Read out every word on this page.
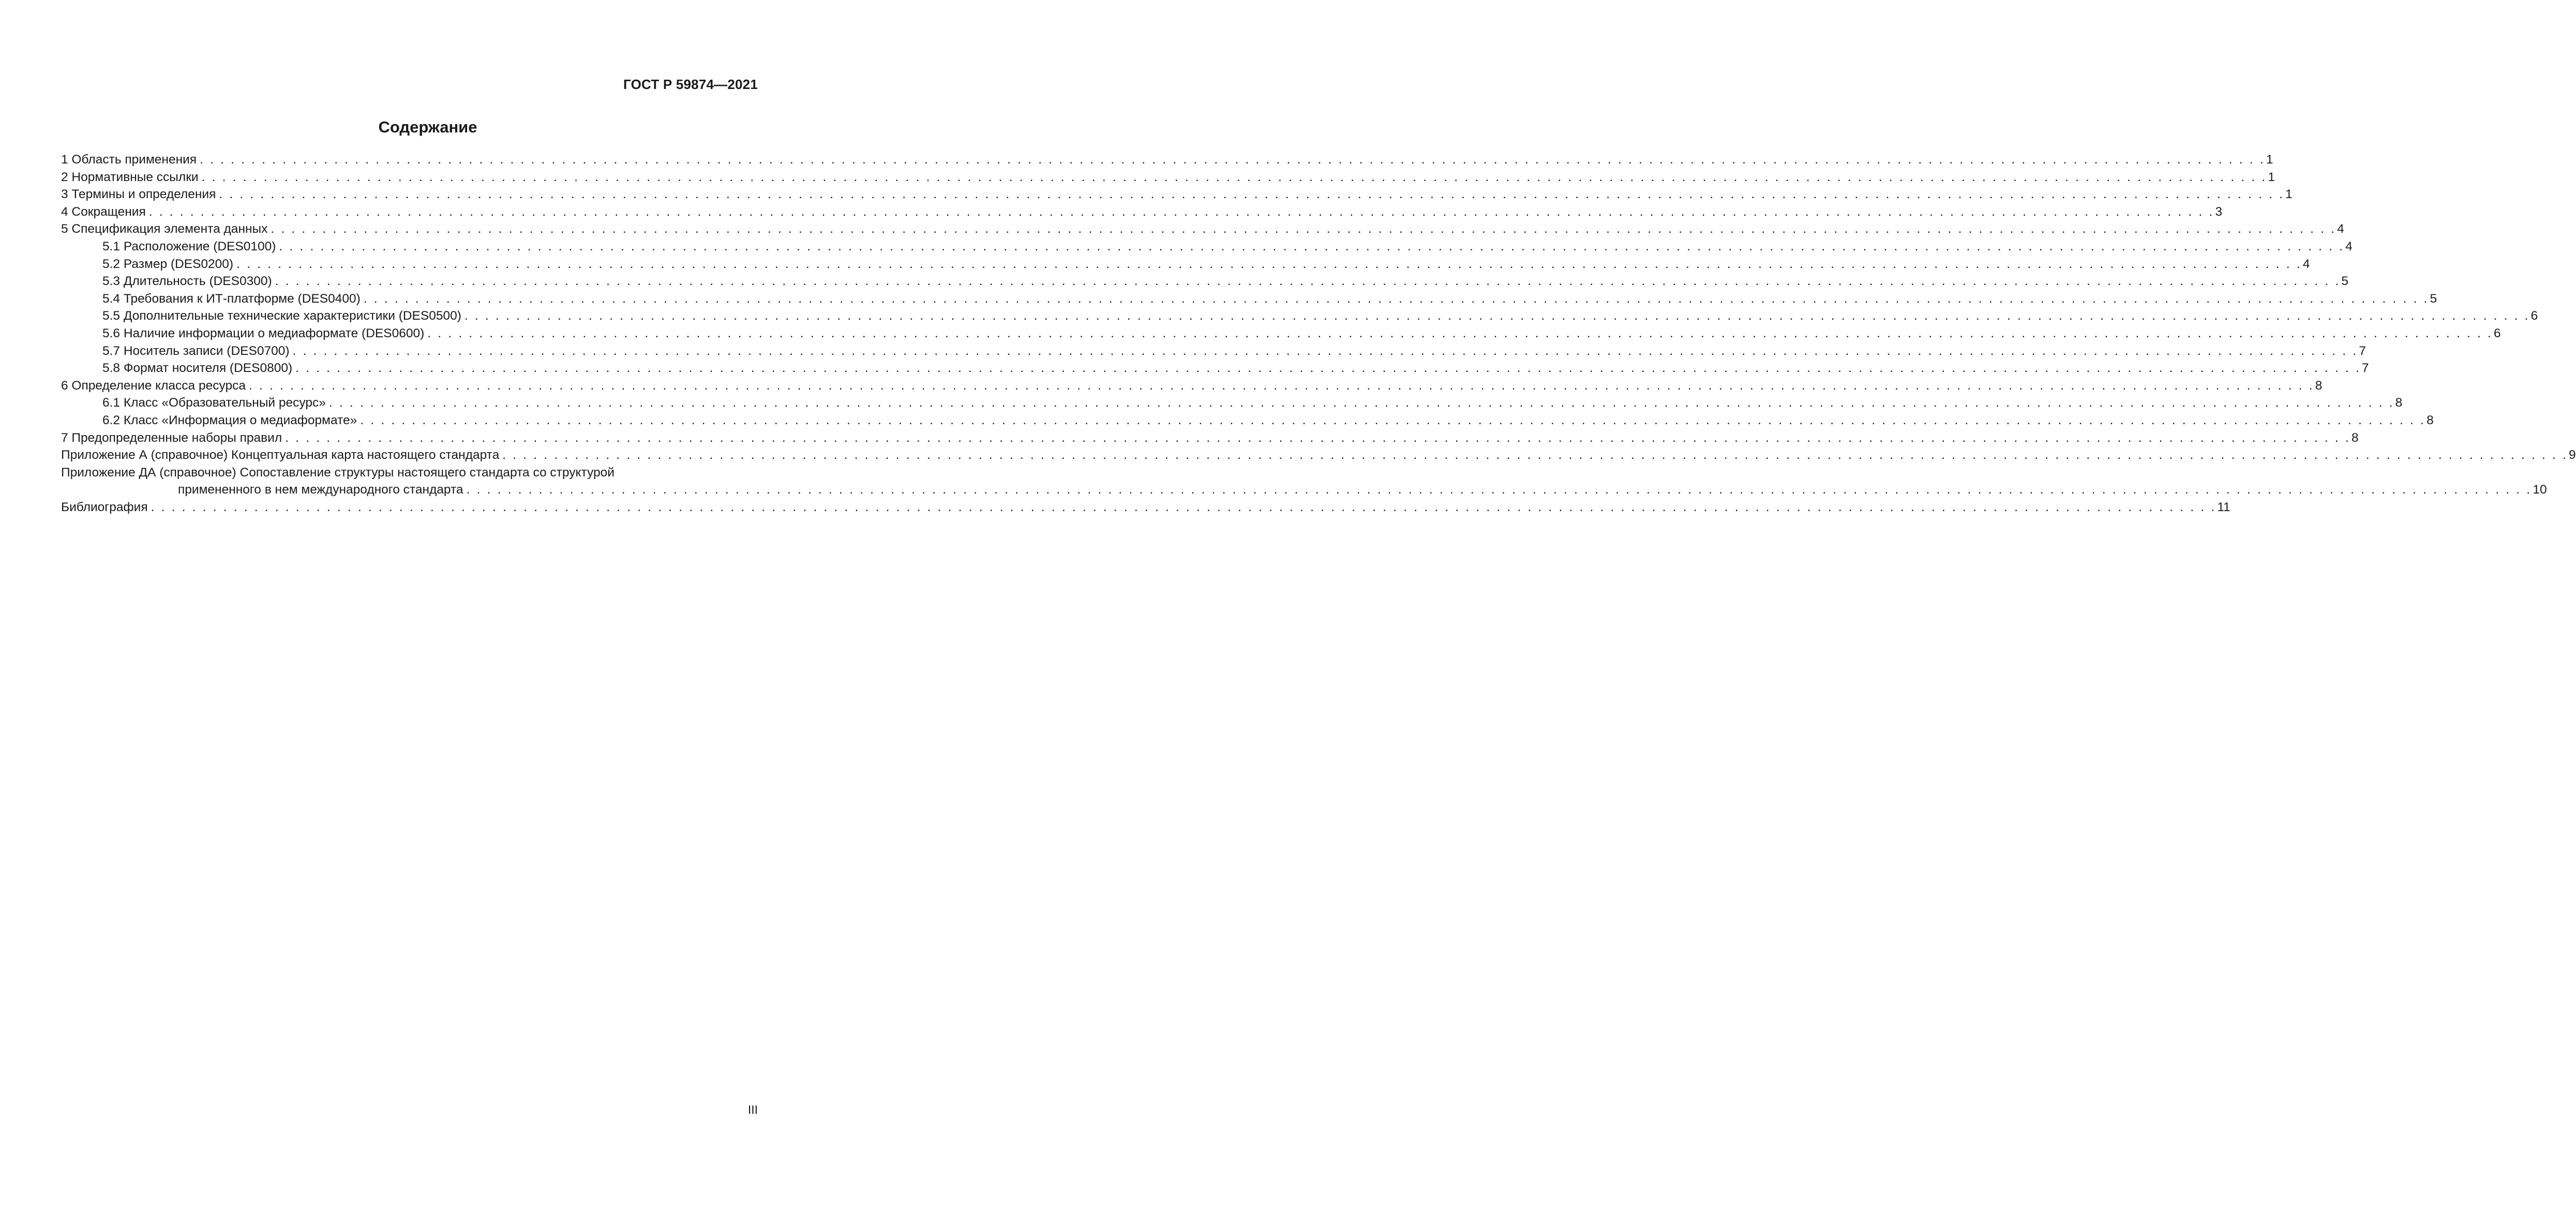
ГОСТ Р 59874—2021
Содержание
1 Область применения . . . . . . . . . . . . . . . . . . . . . . . . . . . . . . . . . . . . . . . . . . . . . . . . . . . . . . . . . . . . . . . . . . . . . . . . . . . . . . . . . . . . . . . . . . . . . . . . . . . . . . . . . . . . . . . . . . . . . . . . . . . . . . . . . . . . . . . . . . . . . . . . . . . . . . . . . . . . . . . . . . . . . . . . . . . . . . . . . . . . . . . . . . . . . . . . . . . . . . . . 1
2 Нормативные ссылки . . . . . . . . . . . . . . . . . . . . . . . . . . . . . . . . . . . . . . . . . . . . . . . . . . . . . . . . . . . . . . . . . . . . . . . . . . . . . . . . . . . . . . . . . . . . . . . . . . . . . . . . . . . . . . . . . . . . . . . . . . . . . . . . . . . . . . . . . . . . . . . . . . . . . . . . . . . . . . . . . . . . . . . . . . . . . . . . . . . . . . . . . . . . . . . . . . . . . . . . 1
3 Термины и определения . . . . . . . . . . . . . . . . . . . . . . . . . . . . . . . . . . . . . . . . . . . . . . . . . . . . . . . . . . . . . . . . . . . . . . . . . . . . . . . . . . . . . . . . . . . . . . . . . . . . . . . . . . . . . . . . . . . . . . . . . . . . . . . . . . . . . . . . . . . . . . . . . . . . . . . . . . . . . . . . . . . . . . . . . . . . . . . . . . . . . . . . . . . . . . . . . . . . . . . . 1
4 Сокращения . . . . . . . . . . . . . . . . . . . . . . . . . . . . . . . . . . . . . . . . . . . . . . . . . . . . . . . . . . . . . . . . . . . . . . . . . . . . . . . . . . . . . . . . . . . . . . . . . . . . . . . . . . . . . . . . . . . . . . . . . . . . . . . . . . . . . . . . . . . . . . . . . . . . . . . . . . . . . . . . . . . . . . . . . . . . . . . . . . . . . . . . . . . . . . . . . . . . . . . . 3
5 Спецификация элемента данных . . . . . . . . . . . . . . . . . . . . . . . . . . . . . . . . . . . . . . . . . . . . . . . . . . . . . . . . . . . . . . . . . . . . . . . . . . . . . . . . . . . . . . . . . . . . . . . . . . . . . . . . . . . . . . . . . . . . . . . . . . . . . . . . . . . . . . . . . . . . . . . . . . . . . . . . . . . . . . . . . . . . . . . . . . . . . . . . . . . . . . . . . . . . . . . . . . . . . . . . 4
5.1 Расположение (DES0100) . . . . . . . . . . . . . . . . . . . . . . . . . . . . . . . . . . . . . . . . . . . . . . . . . . . . . . . . . . . . . . . . . . . . . . . . . . . . . . . . . . . . . . . . . . . . . . . . . . . . . . . . . . . . . . . . . . . . . . . . . . . . . . . . . . . . . . . . . . . . . . . . . . . . . . . . . . . . . . . . . . . . . . . . . . . . . . . . . . . . . . . . . . . . . . . . . . . . . . . . 4
5.2 Размер (DES0200) . . . . . . . . . . . . . . . . . . . . . . . . . . . . . . . . . . . . . . . . . . . . . . . . . . . . . . . . . . . . . . . . . . . . . . . . . . . . . . . . . . . . . . . . . . . . . . . . . . . . . . . . . . . . . . . . . . . . . . . . . . . . . . . . . . . . . . . . . . . . . . . . . . . . . . . . . . . . . . . . . . . . . . . . . . . . . . . . . . . . . . . . . . . . . . . . . . . . . . . . 4
5.3 Длительность (DES0300) . . . . . . . . . . . . . . . . . . . . . . . . . . . . . . . . . . . . . . . . . . . . . . . . . . . . . . . . . . . . . . . . . . . . . . . . . . . . . . . . . . . . . . . . . . . . . . . . . . . . . . . . . . . . . . . . . . . . . . . . . . . . . . . . . . . . . . . . . . . . . . . . . . . . . . . . . . . . . . . . . . . . . . . . . . . . . . . . . . . . . . . . . . . . . . . . . . . . . . . . 5
5.4 Требования к ИТ-платформе (DES0400) . . . . . . . . . . . . . . . . . . . . . . . . . . . . . . . . . . . . . . . . . . . . . . . . . . . . . . . . . . . . . . . . . . . . . . . . . . . . . . . . . . . . . . . . . . . . . . . . . . . . . . . . . . . . . . . . . . . . . . . . . . . . . . . . . . . . . . . . . . . . . . . . . . . . . . . . . . . . . . . . . . . . . . . . . . . . . . . . . . . . . . . . . . . . . . . . . . . . . . . . 5
5.5 Дополнительные технические характеристики (DES0500) . . . . . . . . . . . . . . . . . . . . . . . . . . . . . . . . . . . . . . . . . . . . . . . . . . . . . . . . . . . . . . . . . . . . . . . . . . . . . . . . . . . . . . . . . . . . . . . . . . . . . . . . . . . . . . . . . . . . . . . . . . . . . . . . . . . . . . . . . . . . . . . . . . . . . . . . . . . . . . . . . . . . . . . . . . . . . . . . . . . . . . . . . . . . . . . . . . . . . . . . 6
5.6 Наличие информации о медиаформате (DES0600) . . . . . . . . . . . . . . . . . . . . . . . . . . . . . . . . . . . . . . . . . . . . . . . . . . . . . . . . . . . . . . . . . . . . . . . . . . . . . . . . . . . . . . . . . . . . . . . . . . . . . . . . . . . . . . . . . . . . . . . . . . . . . . . . . . . . . . . . . . . . . . . . . . . . . . . . . . . . . . . . . . . . . . . . . . . . . . . . . . . . . . . . . . . . . . . . . . . . . . . . 6
5.7 Носитель записи (DES0700) . . . . . . . . . . . . . . . . . . . . . . . . . . . . . . . . . . . . . . . . . . . . . . . . . . . . . . . . . . . . . . . . . . . . . . . . . . . . . . . . . . . . . . . . . . . . . . . . . . . . . . . . . . . . . . . . . . . . . . . . . . . . . . . . . . . . . . . . . . . . . . . . . . . . . . . . . . . . . . . . . . . . . . . . . . . . . . . . . . . . . . . . . . . . . . . . . . . . . . . . 7
5.8 Формат носителя (DES0800) . . . . . . . . . . . . . . . . . . . . . . . . . . . . . . . . . . . . . . . . . . . . . . . . . . . . . . . . . . . . . . . . . . . . . . . . . . . . . . . . . . . . . . . . . . . . . . . . . . . . . . . . . . . . . . . . . . . . . . . . . . . . . . . . . . . . . . . . . . . . . . . . . . . . . . . . . . . . . . . . . . . . . . . . . . . . . . . . . . . . . . . . . . . . . . . . . . . . . . . . 7
6 Определение класса ресурса . . . . . . . . . . . . . . . . . . . . . . . . . . . . . . . . . . . . . . . . . . . . . . . . . . . . . . . . . . . . . . . . . . . . . . . . . . . . . . . . . . . . . . . . . . . . . . . . . . . . . . . . . . . . . . . . . . . . . . . . . . . . . . . . . . . . . . . . . . . . . . . . . . . . . . . . . . . . . . . . . . . . . . . . . . . . . . . . . . . . . . . . . . . . . . . . . . . . . . . . 8
6.1 Класс «Образовательный ресурс» . . . . . . . . . . . . . . . . . . . . . . . . . . . . . . . . . . . . . . . . . . . . . . . . . . . . . . . . . . . . . . . . . . . . . . . . . . . . . . . . . . . . . . . . . . . . . . . . . . . . . . . . . . . . . . . . . . . . . . . . . . . . . . . . . . . . . . . . . . . . . . . . . . . . . . . . . . . . . . . . . . . . . . . . . . . . . . . . . . . . . . . . . . . . . . . . . . . . . . . . 8
6.2 Класс «Информация о медиаформате» . . . . . . . . . . . . . . . . . . . . . . . . . . . . . . . . . . . . . . . . . . . . . . . . . . . . . . . . . . . . . . . . . . . . . . . . . . . . . . . . . . . . . . . . . . . . . . . . . . . . . . . . . . . . . . . . . . . . . . . . . . . . . . . . . . . . . . . . . . . . . . . . . . . . . . . . . . . . . . . . . . . . . . . . . . . . . . . . . . . . . . . . . . . . . . . . . . . . . . . . 8
7 Предопределенные наборы правил . . . . . . . . . . . . . . . . . . . . . . . . . . . . . . . . . . . . . . . . . . . . . . . . . . . . . . . . . . . . . . . . . . . . . . . . . . . . . . . . . . . . . . . . . . . . . . . . . . . . . . . . . . . . . . . . . . . . . . . . . . . . . . . . . . . . . . . . . . . . . . . . . . . . . . . . . . . . . . . . . . . . . . . . . . . . . . . . . . . . . . . . . . . . . . . . . . . . . . . . 8
Приложение А (справочное) Концептуальная карта настоящего стандарта . . . . . . . . . . . . . . . . . . . . . . . . . . . . . . . . . . . . . . . . . . . . . . . . . . . . . . . . . . . . . . . . . . . . . . . . . . . . . . . . . . . . . . . . . . . . . . . . . . . . . . . . . . . . . . . . . . . . . . . . . . . . . . . . . . . . . . . . . . . . . . . . . . . . . . . . . . . . . . . . . . . . . . . . . . . . . . . . . . . . . . . . . . . . . . . . . . . . . . . . 9
Приложение ДА (справочное) Сопоставление структуры настоящего стандарта со структурой
примененного в нем международного стандарта . . . . . . . . . . . . . . . . . . . . . . . . . . . . . . . . . . . . . . . . . . . . . . . . . . . . . . . . . . . . . . . . . . . . . . . . . . . . . . . . . . . . . . . . . . . . . . . . . . . . . . . . . . . . . . . . . . . . . . . . . . . . . . . . . . . . . . . . . . . . . . . . . . . . . . . . . . . . . . . . . . . . . . . . . . . . . . . . . . . . . . . . . . . . . . . . . . . . . . . . 10
Библиография . . . . . . . . . . . . . . . . . . . . . . . . . . . . . . . . . . . . . . . . . . . . . . . . . . . . . . . . . . . . . . . . . . . . . . . . . . . . . . . . . . . . . . . . . . . . . . . . . . . . . . . . . . . . . . . . . . . . . . . . . . . . . . . . . . . . . . . . . . . . . . . . . . . . . . . . . . . . . . . . . . . . . . . . . . . . . . . . . . . . . . . . . . . . . . . . . . . . . . . . 11
III
